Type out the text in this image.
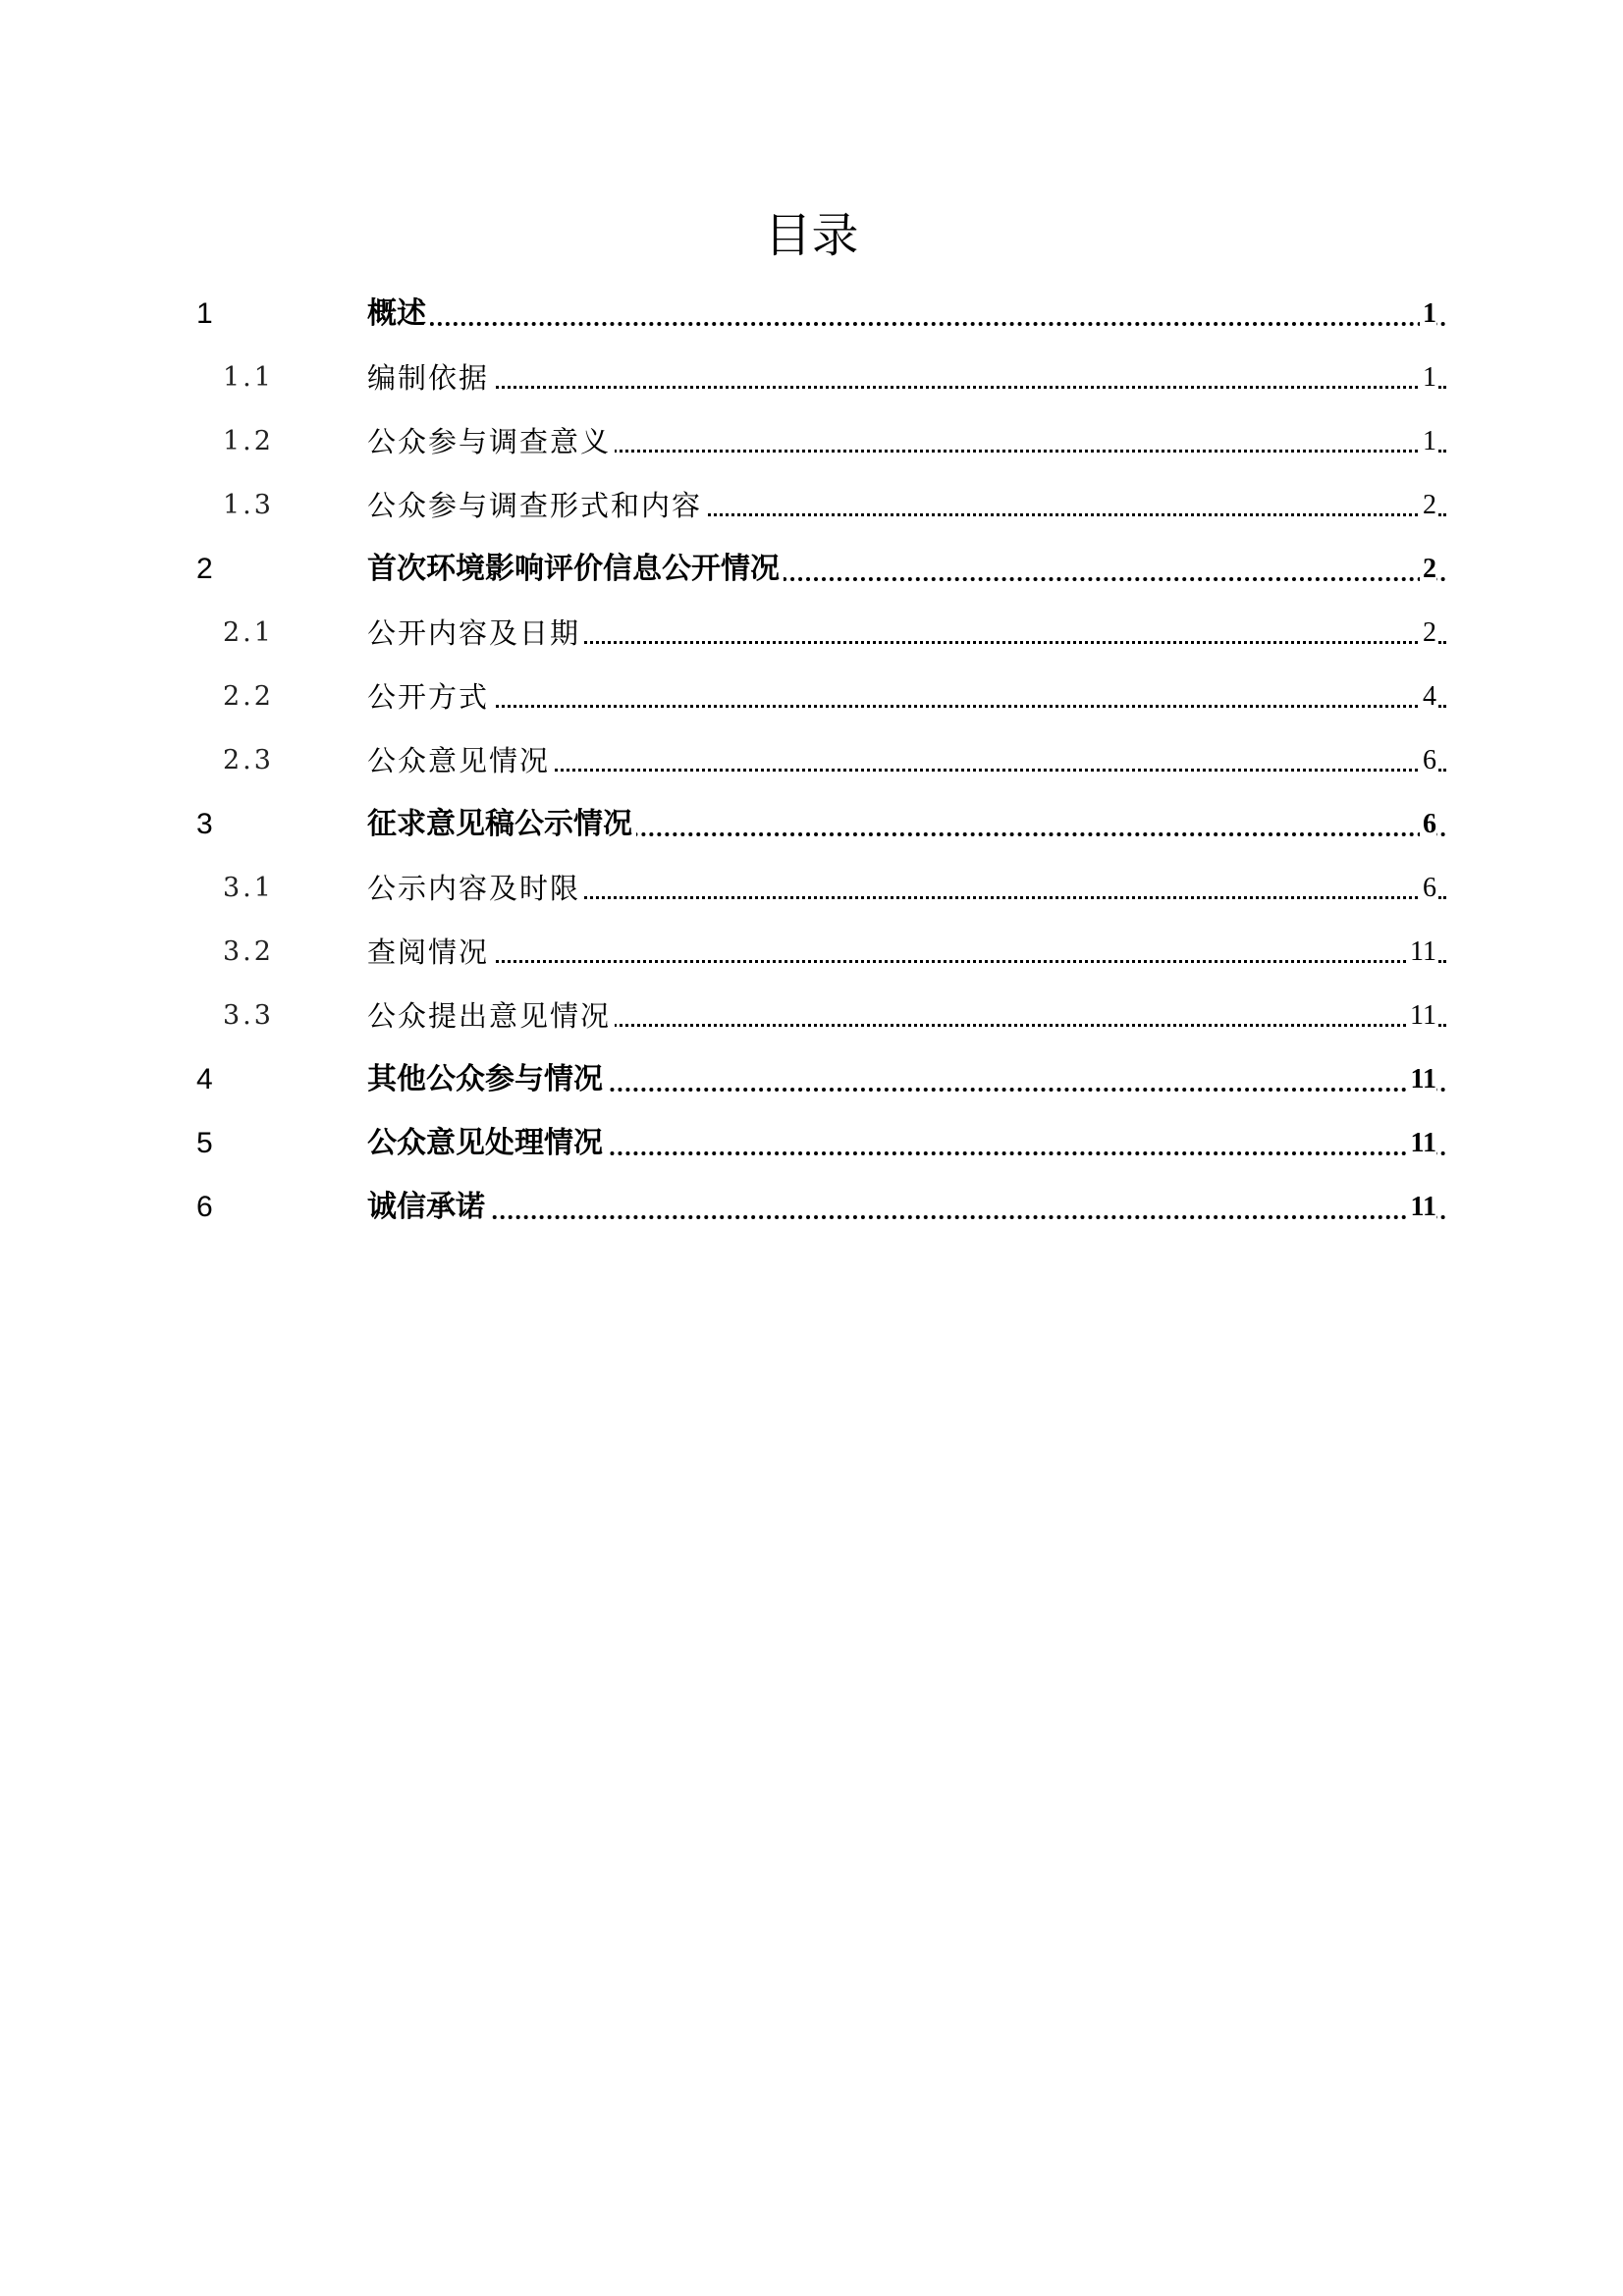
目录
1	概述	1
1.1	编制依据	1
1.2	公众参与调查意义	1
1.3	公众参与调查形式和内容	2
2	首次环境影响评价信息公开情况	2
2.1	公开内容及日期	2
2.2	公开方式	4
2.3	公众意见情况	6
3	征求意见稿公示情况	6
3.1	公示内容及时限	6
3.2	查阅情况	11
3.3	公众提出意见情况	11
4	其他公众参与情况	11
5	公众意见处理情况	11
6	诚信承诺	11
